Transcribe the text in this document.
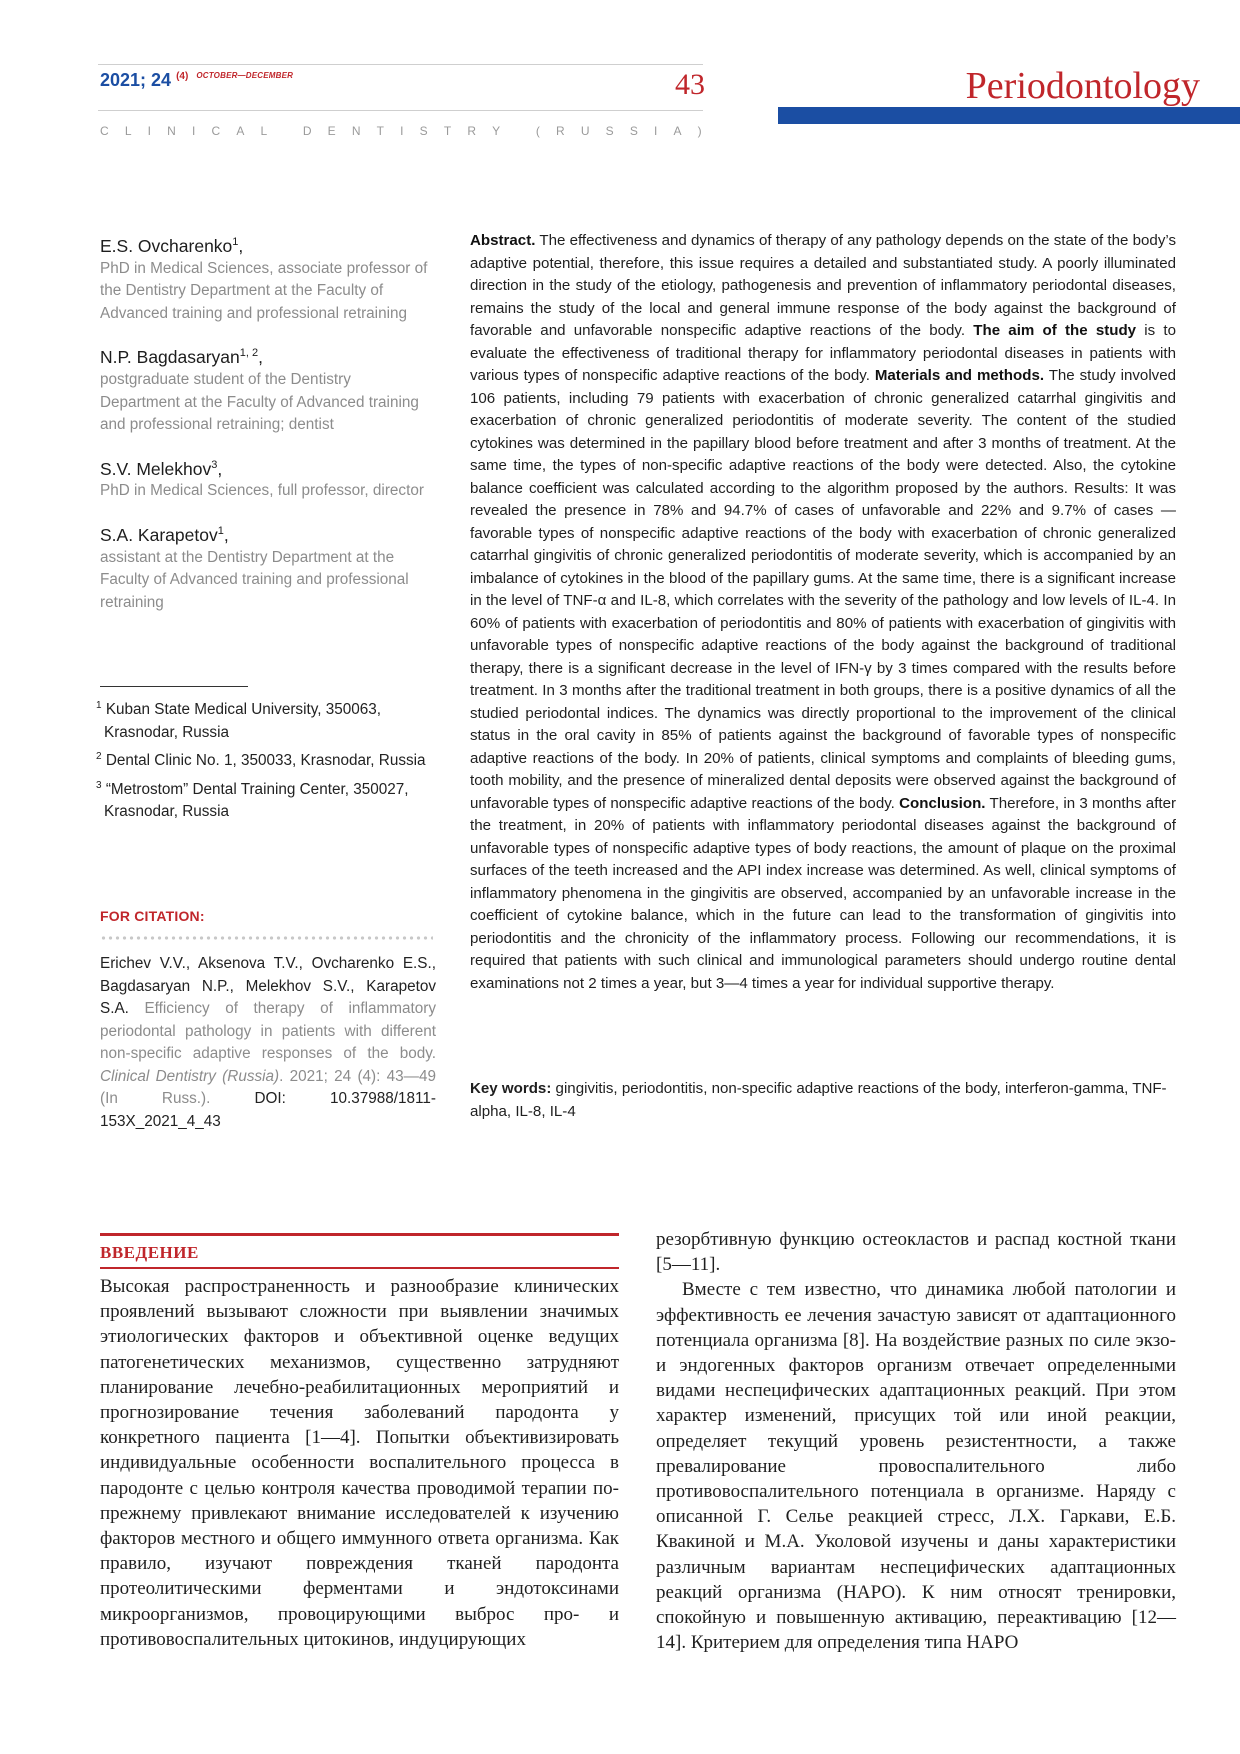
2021; 24 $^{(4)}$ $^{OCTOBER—DECEMBER}$	43	Periodontology
C L I N I C A L
	D E N T I S T R Y
	( R U S S I A )
E.S. Ovcharenko$^1$,
PhD in Medical Sciences, associate professor of the Dentistry Department at the Faculty of Advanced training and professional retraining
N.P. Bagdasaryan$^{1, 2}$,
postgraduate student of the Dentistry Department at the Faculty of Advanced training and professional retraining; dentist
S.V. Melekhov$^3$,
PhD in Medical Sciences, full professor, director
S.A. Karapetov$^1$,
assistant at the Dentistry Department at the Faculty of Advanced training and professional retraining
$^1$ Kuban State Medical University, 350063, Krasnodar, Russia
$^2$ Dental Clinic No. 1, 350033, Krasnodar, Russia
$^3$ “Metrostom” Dental Training Center, 350027, Krasnodar, Russia
FOR CITATION:
Erichev V.V., Aksenova T.V., Ovcharenko E.S., Bagdasaryan N.P., Melekhov S.V., Karapetov S.A. Efficiency of therapy of inflammatory periodontal pathology in patients with different non-specific adaptive responses of the body. Clinical Dentistry (Russia). 2021; 24 (4): 43—49 (In Russ.). DOI: 10.37988/1811-153X_2021_4_43
Abstract. The effectiveness and dynamics of therapy of any pathology depends on the state of the body’s adaptive potential, therefore, this issue requires a detailed and substantiated study. A poorly illuminated direction in the study of the etiology, pathogenesis and prevention of inflammatory periodontal diseases, remains the study of the local and general immune response of the body against the background of favorable and unfavorable nonspecific adaptive reactions of the body. The aim of the study is to evaluate the effectiveness of traditional therapy for inflammatory periodontal diseases in patients with various types of nonspecific adaptive reactions of the body. Materials and methods. The study involved 106 patients, including 79 patients with exacerbation of chronic generalized catarrhal gingivitis and exacerbation of chronic generalized periodontitis of moderate severity. The content of the studied cytokines was determined in the papillary blood before treatment and after 3 months of treatment. At the same time, the types of non-specific adaptive reactions of the body were detected. Also, the cytokine balance coefficient was calculated according to the algorithm proposed by the authors. Results: It was revealed the presence in 78% and 94.7% of cases of unfavorable and 22% and 9.7% of cases — favorable types of nonspecific adaptive reactions of the body with exacerbation of chronic generalized catarrhal gingivitis of chronic generalized periodontitis of moderate severity, which is accompanied by an imbalance of cytokines in the blood of the papillary gums. At the same time, there is a significant increase in the level of TNF-α and IL-8, which correlates with the severity of the pathology and low levels of IL-4. In 60% of patients with exacerbation of periodontitis and 80% of patients with exacerbation of gingivitis with unfavorable types of nonspecific adaptive reactions of the body against the background of traditional therapy, there is a significant decrease in the level of IFN-γ by 3 times compared with the results before treatment. In 3 months after the traditional treatment in both groups, there is a positive dynamics of all the studied periodontal indices. The dynamics was directly proportional to the improvement of the clinical status in the oral cavity in 85% of patients against the background of favorable types of nonspecific adaptive reactions of the body. In 20% of patients, clinical symptoms and complaints of bleeding gums, tooth mobility, and the presence of mineralized dental deposits were observed against the background of unfavorable types of nonspecific adaptive reactions of the body. Conclusion. Therefore, in 3 months after the treatment, in 20% of patients with inflammatory periodontal diseases against the background of unfavorable types of nonspecific adaptive types of body reactions, the amount of plaque on the proximal surfaces of the teeth increased and the API index increase was determined. As well, clinical symptoms of inflammatory phenomena in the gingivitis are observed, accompanied by an unfavorable increase in the coefficient of cytokine balance, which in the future can lead to the transformation of gingivitis into periodontitis and the chronicity of the inflammatory process. Following our recommendations, it is required that patients with such clinical and immunological parameters should undergo routine dental examinations not 2 times a year, but 3—4 times a year for individual supportive therapy.
Key words: gingivitis, periodontitis, non-specific adaptive reactions of the body, interferon-gamma, TNF-alpha, IL-8, IL-4
ВВЕДЕНИЕ
Высокая распространенность и разнообразие клинических проявлений вызывают сложности при выявлении значимых этиологических факторов и объективной оценке ведущих патогенетических механизмов, существенно затрудняют планирование лечебно-реабилитационных мероприятий и прогнозирование течения заболеваний пародонта у конкретного пациента [1—4]. Попытки объективизировать индивидуальные особенности воспалительного процесса в пародонте с целью контроля качества проводимой терапии по-прежнему привлекают внимание исследователей к изучению факторов местного и общего иммунного ответа организма. Как правило, изучают повреждения тканей пародонта протеолитическими ферментами и эндотоксинами микроорганизмов, провоцирующими выброс про- и противовоспалительных цитокинов, индуцирующих

резорбтивную функцию остеокластов и распад костной ткани [5—11].

Вместе с тем известно, что динамика любой патологии и эффективность ее лечения зачастую зависят от адаптационного потенциала организма [8]. На воздействие разных по силе экзо- и эндогенных факторов организм отвечает определенными видами неспецифических адаптационных реакций. При этом характер изменений, присущих той или иной реакции, определяет текущий уровень резистентности, а также превалирование провоспалительного либо противовоспалительного потенциала в организме. Наряду с описанной Г. Селье реакцией стресс, Л.Х. Гаркави, Е.Б. Квакиной и М.А. Уколовой изучены и даны характеристики различным вариантам неспецифических адаптационных реакций организма (НАРО). К ним относят тренировки, спокойную и повышенную активацию, переактивацию [12—14]. Критерием для определения типа НАРО
